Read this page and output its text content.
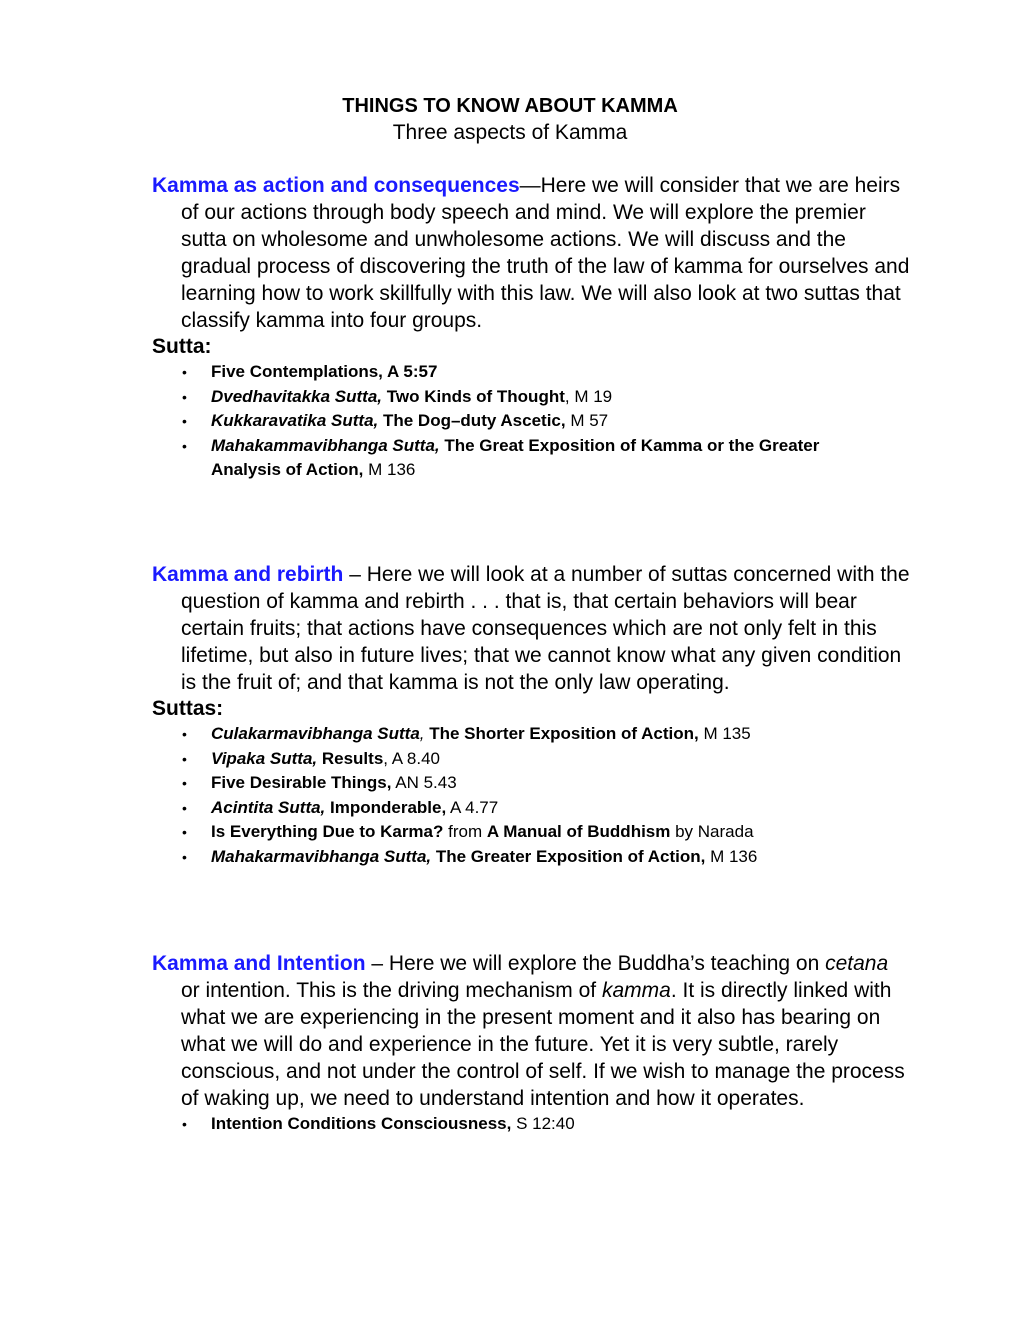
THINGS TO KNOW ABOUT KAMMA

Three aspects of Kamma

Kamma as action and consequences—Here we will consider that we are heirs of our actions through body speech and mind. We will explore the premier sutta on wholesome and unwholesome actions. We will discuss and the gradual process of discovering the truth of the law of kamma for ourselves and learning how to work skillfully with this law. We will also look at two suttas that classify kamma into four groups.

Sutta:

• Five Contemplations, A 5:57
• Dvedhavitakka Sutta, Two Kinds of Thought, M 19
• Kukkaravatika Sutta, The Dog–duty Ascetic, M 57
• Mahakammavibhanga Sutta, The Great Exposition of Kamma or the Greater Analysis of Action, M 136

Kamma and rebirth – Here we will look at a number of suttas concerned with the question of kamma and rebirth . . . that is, that certain behaviors will bear certain fruits; that actions have consequences which are not only felt in this lifetime, but also in future lives; that we cannot know what any given condition is the fruit of; and that kamma is not the only law operating.

Suttas:

• Culakarmavibhanga Sutta, The Shorter Exposition of Action, M 135
• Vipaka Sutta, Results, A 8.40
• Five Desirable Things, AN 5.43
• Acintita Sutta, Imponderable, A 4.77
• Is Everything Due to Karma? from A Manual of Buddhism by Narada
• Mahakarmavibhanga Sutta, The Greater Exposition of Action, M 136

Kamma and Intention – Here we will explore the Buddha’s teaching on cetana or intention. This is the driving mechanism of kamma. It is directly linked with what we are experiencing in the present moment and it also has bearing on what we will do and experience in the future. Yet it is very subtle, rarely conscious, and not under the control of self. If we wish to manage the process of waking up, we need to understand intention and how it operates.

• Intention Conditions Consciousness, S 12:40
